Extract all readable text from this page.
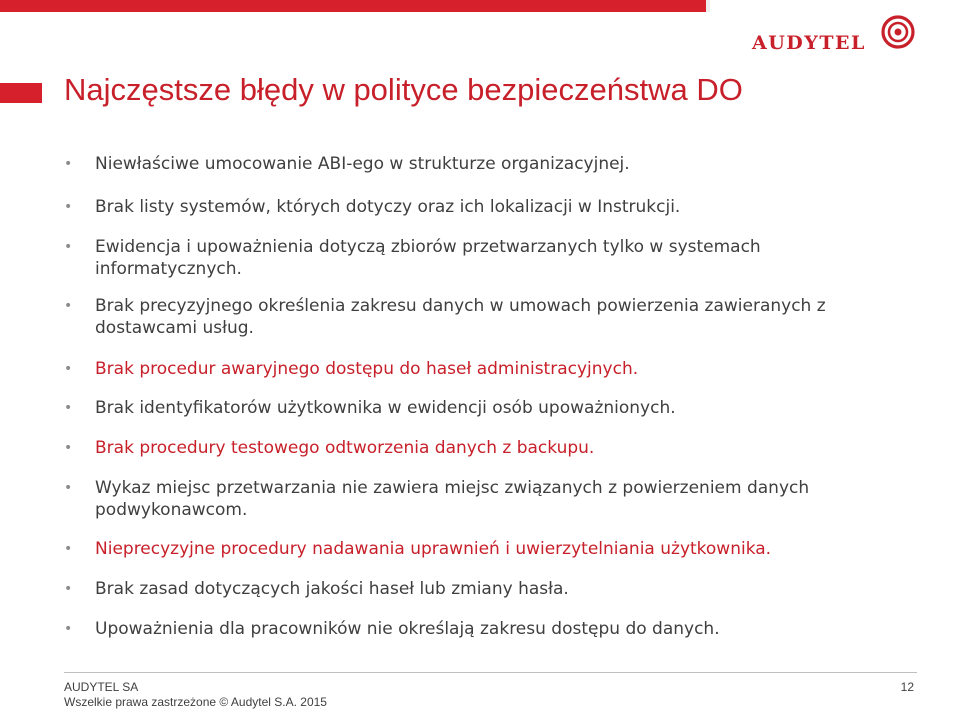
AUDYTEL
Najczęstsze błędy w polityce bezpieczeństwa DO
•	Niewłaściwe umocowanie ABI-ego w strukturze organizacyjnej.
•	Brak listy systemów, których dotyczy oraz ich lokalizacji w Instrukcji.
•	Ewidencja i upoważnienia dotyczą zbiorów przetwarzanych tylko w systemach
informatycznych.
•	Brak precyzyjnego określenia zakresu danych w umowach powierzenia zawieranych z
dostawcami usług.
•	Brak procedur awaryjnego dostępu do haseł administracyjnych.
•	Brak identyfikatorów użytkownika w ewidencji osób upoważnionych.
•	Brak procedury testowego odtworzenia danych z backupu.
•	Wykaz miejsc przetwarzania nie zawiera miejsc związanych z powierzeniem danych
podwykonawcom.
•	Nieprecyzyjne procedury nadawania uprawnień i uwierzytelniania użytkownika.
•	Brak zasad dotyczących jakości haseł lub zmiany hasła.
•	Upoważnienia dla pracowników nie określają zakresu dostępu do danych.
AUDYTEL SA
Wszelkie prawa zastrzeżone © Audytel S.A. 2015
12
